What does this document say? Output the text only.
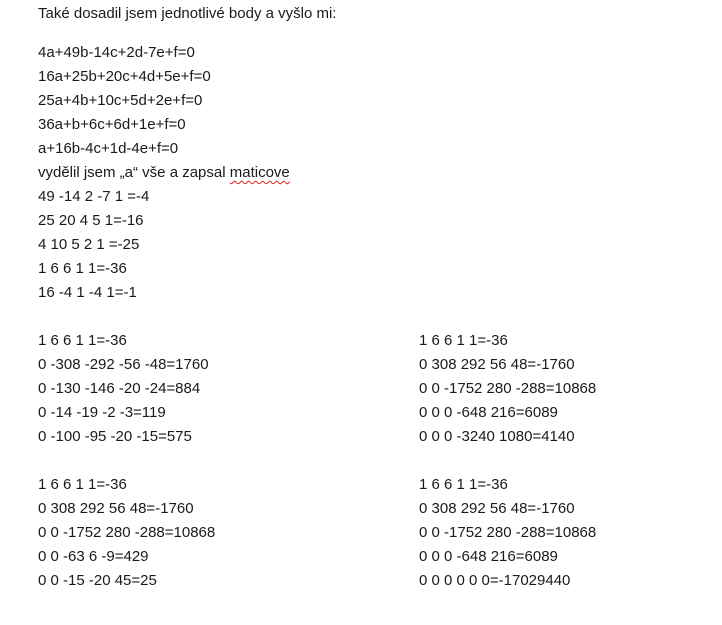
Také dosadil jsem jednotlivé body a vyšlo mi:
4a+49b-14c+2d-7e+f=0
16a+25b+20c+4d+5e+f=0
25a+4b+10c+5d+2e+f=0
36a+b+6c+6d+1e+f=0
a+16b-4c+1d-4e+f=0
vydělil jsem „a“ vše a zapsal maticove
49 -14 2 -7 1 =-4
25 20 4 5 1=-16
4 10 5 2 1 =-25
1 6 6 1 1=-36
16 -4 1 -4 1=-1
1 6 6 1 1=-36
0 -308 -292 -56 -48=1760
0 -130 -146 -20 -24=884
0 -14 -19 -2 -3=119
0 -100 -95 -20 -15=575
1 6 6 1 1=-36
0 308 292 56 48=-1760
0 0 -1752 280 -288=10868
0 0 0 -648 216=6089
0 0 0 -3240 1080=4140
1 6 6 1 1=-36
0 308 292 56 48=-1760
0 0 -1752 280 -288=10868
0 0 -63 6 -9=429
0 0 -15 -20 45=25
1 6 6 1 1=-36
0 308 292 56 48=-1760
0 0 -1752 280 -288=10868
0 0 0 -648 216=6089
0 0 0 0 0 0=-17029440
